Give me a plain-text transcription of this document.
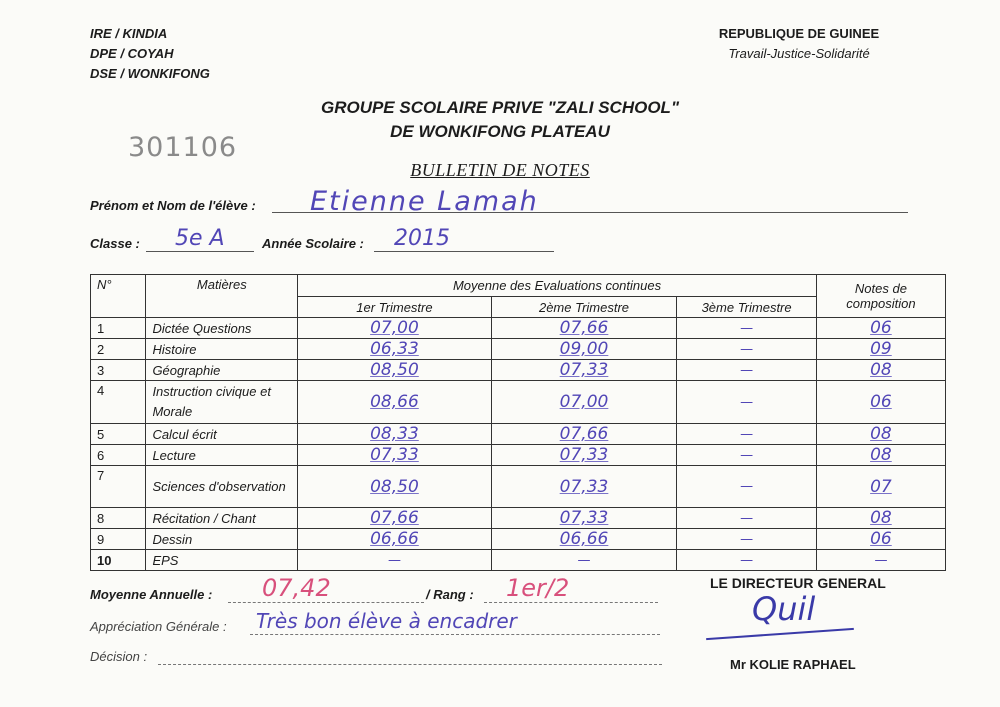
IRE / KINDIA
DPE / COYAH
DSE / WONKIFONG
REPUBLIQUE DE GUINEE
Travail-Justice-Solidarité
GROUPE SCOLAIRE PRIVE "ZALI SCHOOL"
DE WONKIFONG PLATEAU
301106
BULLETIN DE NOTES
Prénom et Nom de l'élève : Etienne Lamah
Classe : 5e A	Année Scolaire : 2015
N°	Matières	Moyenne des Evaluations continues			Notes de composition
		1er Trimestre	2ème Trimestre	3ème Trimestre	
1	Dictée Questions	07,00	07,66	—	06
2	Histoire	06,33	09,00	—	09
3	Géographie	08,50	07,33	—	08
4	Instruction civique et Morale	08,66	07,00	—	06
5	Calcul écrit	08,33	07,66	—	08
6	Lecture	07,33	07,33	—	08
7	Sciences d'observation	08,50	07,33	—	07
8	Récitation / Chant	07,66	07,33	—	08
9	Dessin	06,66	06,66	—	06
10	EPS	—	—	—	—
Moyenne Annuelle : 07,42	/ Rang : 1er/2
Appréciation Générale : Très bon élève à encadrer
Décision :
LE DIRECTEUR GENERAL
Quil
Mr KOLIE RAPHAEL
